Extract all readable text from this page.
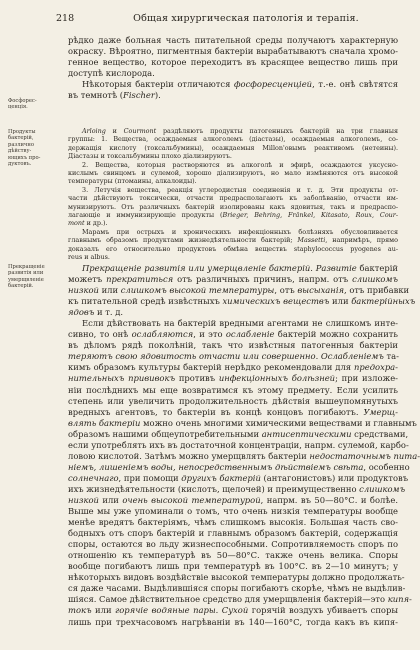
218	Общая хирургическая патологія и терапія.
Фосфорес-
ценція.
Продукты
бактерій,
различно
дѣйству-
ющихъ про-
дуктовъ.
Прекращеніе
развитія или
умерщвленіе
бактерій.
рѣдко даже больная часть питательной среды получаютъ характерную
окраску. Вѣроятно, пигментныя бактеріи вырабатываютъ сначала хромо-
генное вещество, которое переходитъ въ красящее вещество лишь при
доступѣ кислорода.
Нѣкоторыя бактеріи отличаются фосфоресценціей, т.-е. онѣ свѣтятся
въ темнотѣ (Fischer).
Arloing и Courmont раздѣляютъ продукты патогенныхъ бактерій на три главныя
группы: 1. Вещества, осаждаемыя алкоголемъ (діастазы), осаждаемыя алкоголемъ, со-
держащія кислоту (токсальбумины), осаждаемыя Millon'овымъ реактивомъ (нетеины).
Діастазы и токсальбумины плохо діализируютъ.
2. Вещества, которыя растворяются въ алкоголѣ и эфирѣ, осаждаются уксусно-
кислымъ свинцомъ и сулемой, хорошо діализируютъ, но мало измѣняются отъ высокой
температуры (птомаины, алкалоиды).
3. Летучія вещества, реакція углеродистыя соединенія и т. д. Эти продукты от-
части дѣйствуютъ токсически, отчасти предрасполагаютъ къ заболѣванію, отчасти им-
мунизируютъ. Отъ различныхъ бактерій изолированы какъ ядовитыя, такъ и предраспо-
лагающіе и иммунизирующіе продукты (Brieger, Behring, Fränkel, Kitasato, Roux, Cour-
mont и др.).
Марамъ при острыхъ и хроническихъ инфекціонныхъ болѣзняхъ обусловливается
главнымъ образомъ продуктами жизнедѣятельности бактерій; Massetti, напримѣръ, прямо
доказалъ его относительно продуктовъ обмѣна веществъ staphylococcus pyogenes au-
reus и albus.
Прекращеніе развитія или умерщвленіе бактерій. Развитіе бактерій
можетъ прекратиться отъ различныхъ причинъ, напрм. отъ слишкомъ
низкой или слишкомъ высокой температуры, отъ высыханія, отъ прибавки
къ питательной средѣ извѣстныхъ химическихъ веществъ или бактерійныхъ
ядовъ и т. д.
Если дѣйствовать на бактерій вредными агентами не слишкомъ инте-
сивно, то онѣ ослабляются, и это ослабленіе бактерій можно сохранить
въ дѣломъ рядѣ поколѣній, такъ что извѣстныя патогенныя бактеріи
теряютъ свою ядовитость отчасти или совершенно. Ослабленіемъ та-
кимъ образомъ культуры бактерій нерѣдко рекомендовали для предохра-
нительныхъ прививокъ противъ инфекціонныхъ болѣзней; при изложе-
ніи послѣднихъ мы еще возвратимся къ этому предмету. Если усилить
степень или увеличить продолжительность дѣйствія вышеупомянутыхъ
вредныхъ агентовъ, то бактеріи въ концѣ концовъ погибаютъ. Умерщ-
влять бактеріи можно очень многими химическими веществами и главнымъ
образомъ нашими общеупотребительными антисептическими средствами,
если употреблять ихъ въ достаточной концентраціи, напрм. сулемой, карбо-
ловою кислотой. Затѣмъ можно умерщвлять бактеріи недостаточнымъ пита-
ніемъ, лишеніемъ воды, непосредственнымъ дѣйствіемъ свѣта, особенно
солнечнаго, при помощи другихъ бактерій (антагонистовъ) или продуктовъ
ихъ жизнедѣятельности (кислотъ, щелочей) и преимущественно слишкомъ
низкой или очень высокой температурой, напрм. въ 50—80°С. и болѣе.
Выше мы уже упоминали о томъ, что очень низкія температуры вообще
менѣе вредятъ бактеріямъ, чѣмъ слишкомъ высокія. Большая часть сво-
бодныхъ отъ споръ бактерій и главнымъ образомъ бактерій, содержащія
споры, остаются во льду жизнеспособными. Сопротивляемость споръ по
отношенію къ температурѣ въ 50—80°С. также очень велика. Споры
вообще погибаютъ лишь при температурѣ въ 100°С. въ 2—10 минутъ; у
нѣкоторыхъ видовъ воздѣйствіе высокой температуры должно продолжать-
ся даже часами. Выдѣлившіяся споры погибаютъ скорѣе, чѣмъ не выдѣлив-
шіяся. Самое дѣйствительное средство для умерщвленія бактерій—это кипя-
токъ или горячіе водяные пары. Сухой горячій воздухъ убиваетъ споры
лишь при трехчасовомъ нагрѣваніи въ 140—160°С, тогда какъ въ кипя-
